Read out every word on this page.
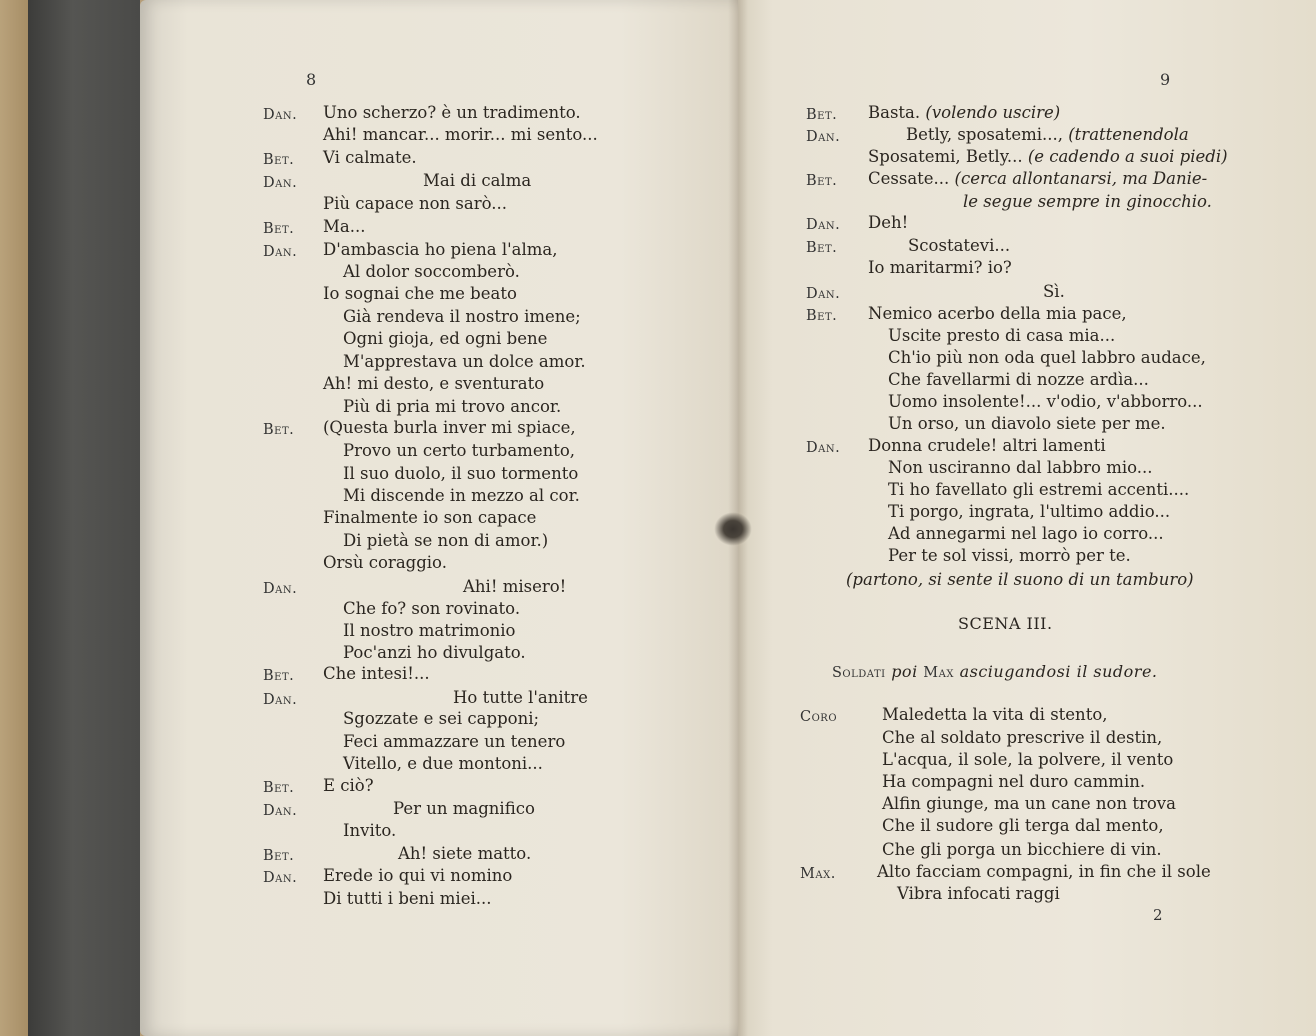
8	9
Dan. Uno scherzo? è un tradimento.
Ahi! mancar... morir... mi sento...
Bet. Vi calmate.
Dan.	Mai di calma
Più capace non sarò...
Bet. Ma...
Dan. D'ambascia ho piena l'alma,
Al dolor soccomberò.
Io sognai che me beato
Già rendeva il nostro imene;
Ogni gioja, ed ogni bene
M'apprestava un dolce amor.
Ah! mi desto, e sventurato
Più di pria mi trovo ancor.
Bet. (Questa burla inver mi spiace,
Provo un certo turbamento,
Il suo duolo, il suo tormento
Mi discende in mezzo al cor.
Finalmente io son capace
Di pietà se non di amor.)
Orsù coraggio.
Dan.	Ahi! misero!
Che fo? son rovinato.
Il nostro matrimonio
Poc'anzi ho divulgato.
Bet. Che intesi!...
Dan.	Ho tutte l'anitre
Sgozzate e sei capponi;
Feci ammazzare un tenero
Vitello, e due montoni...
Bet. E ciò?
Dan.	Per un magnifico
Invito.
Bet.	Ah! siete matto.
Dan. Erede io qui vi nomino
Di tutti i beni miei...
Bet. Basta. (volendo uscire)
Dan.	Betly, sposatemi..., (trattenendola
Sposatemi, Betly... (e cadendo a suoi piedi)
Bet. Cessate... (cerca allontanarsi, ma Danie-
le segue sempre in ginocchio.
Dan. Deh!
Bet.	Scostatevi...
Io maritarmi? io?
Dan.	Sì.
Bet. Nemico acerbo della mia pace,
Uscite presto di casa mia...
Ch'io più non oda quel labbro audace,
Che favellarmi di nozze ardìa...
Uomo insolente!... v'odio, v'abborro...
Un orso, un diavolo siete per me.
Dan. Donna crudele! altri lamenti
Non usciranno dal labbro mio...
Ti ho favellato gli estremi accenti....
Ti porgo, ingrata, l'ultimo addio...
Ad annegarmi nel lago io corro...
Per te sol vissi, morrò per te.
(partono, si sente il suono di un tamburo)
SCENA III.
Soldati poi Max asciugandosi il sudore.
Coro	Maledetta la vita di stento,
Che al soldato prescrive il destin,
L'acqua, il sole, la polvere, il vento
Ha compagni nel duro cammin.
Alfin giunge, ma un cane non trova
Che il sudore gli terga dal mento,
Che gli porga un bicchiere di vin.
Max. Alto facciam compagni, in fin che il sole
Vibra infocati raggi
2
